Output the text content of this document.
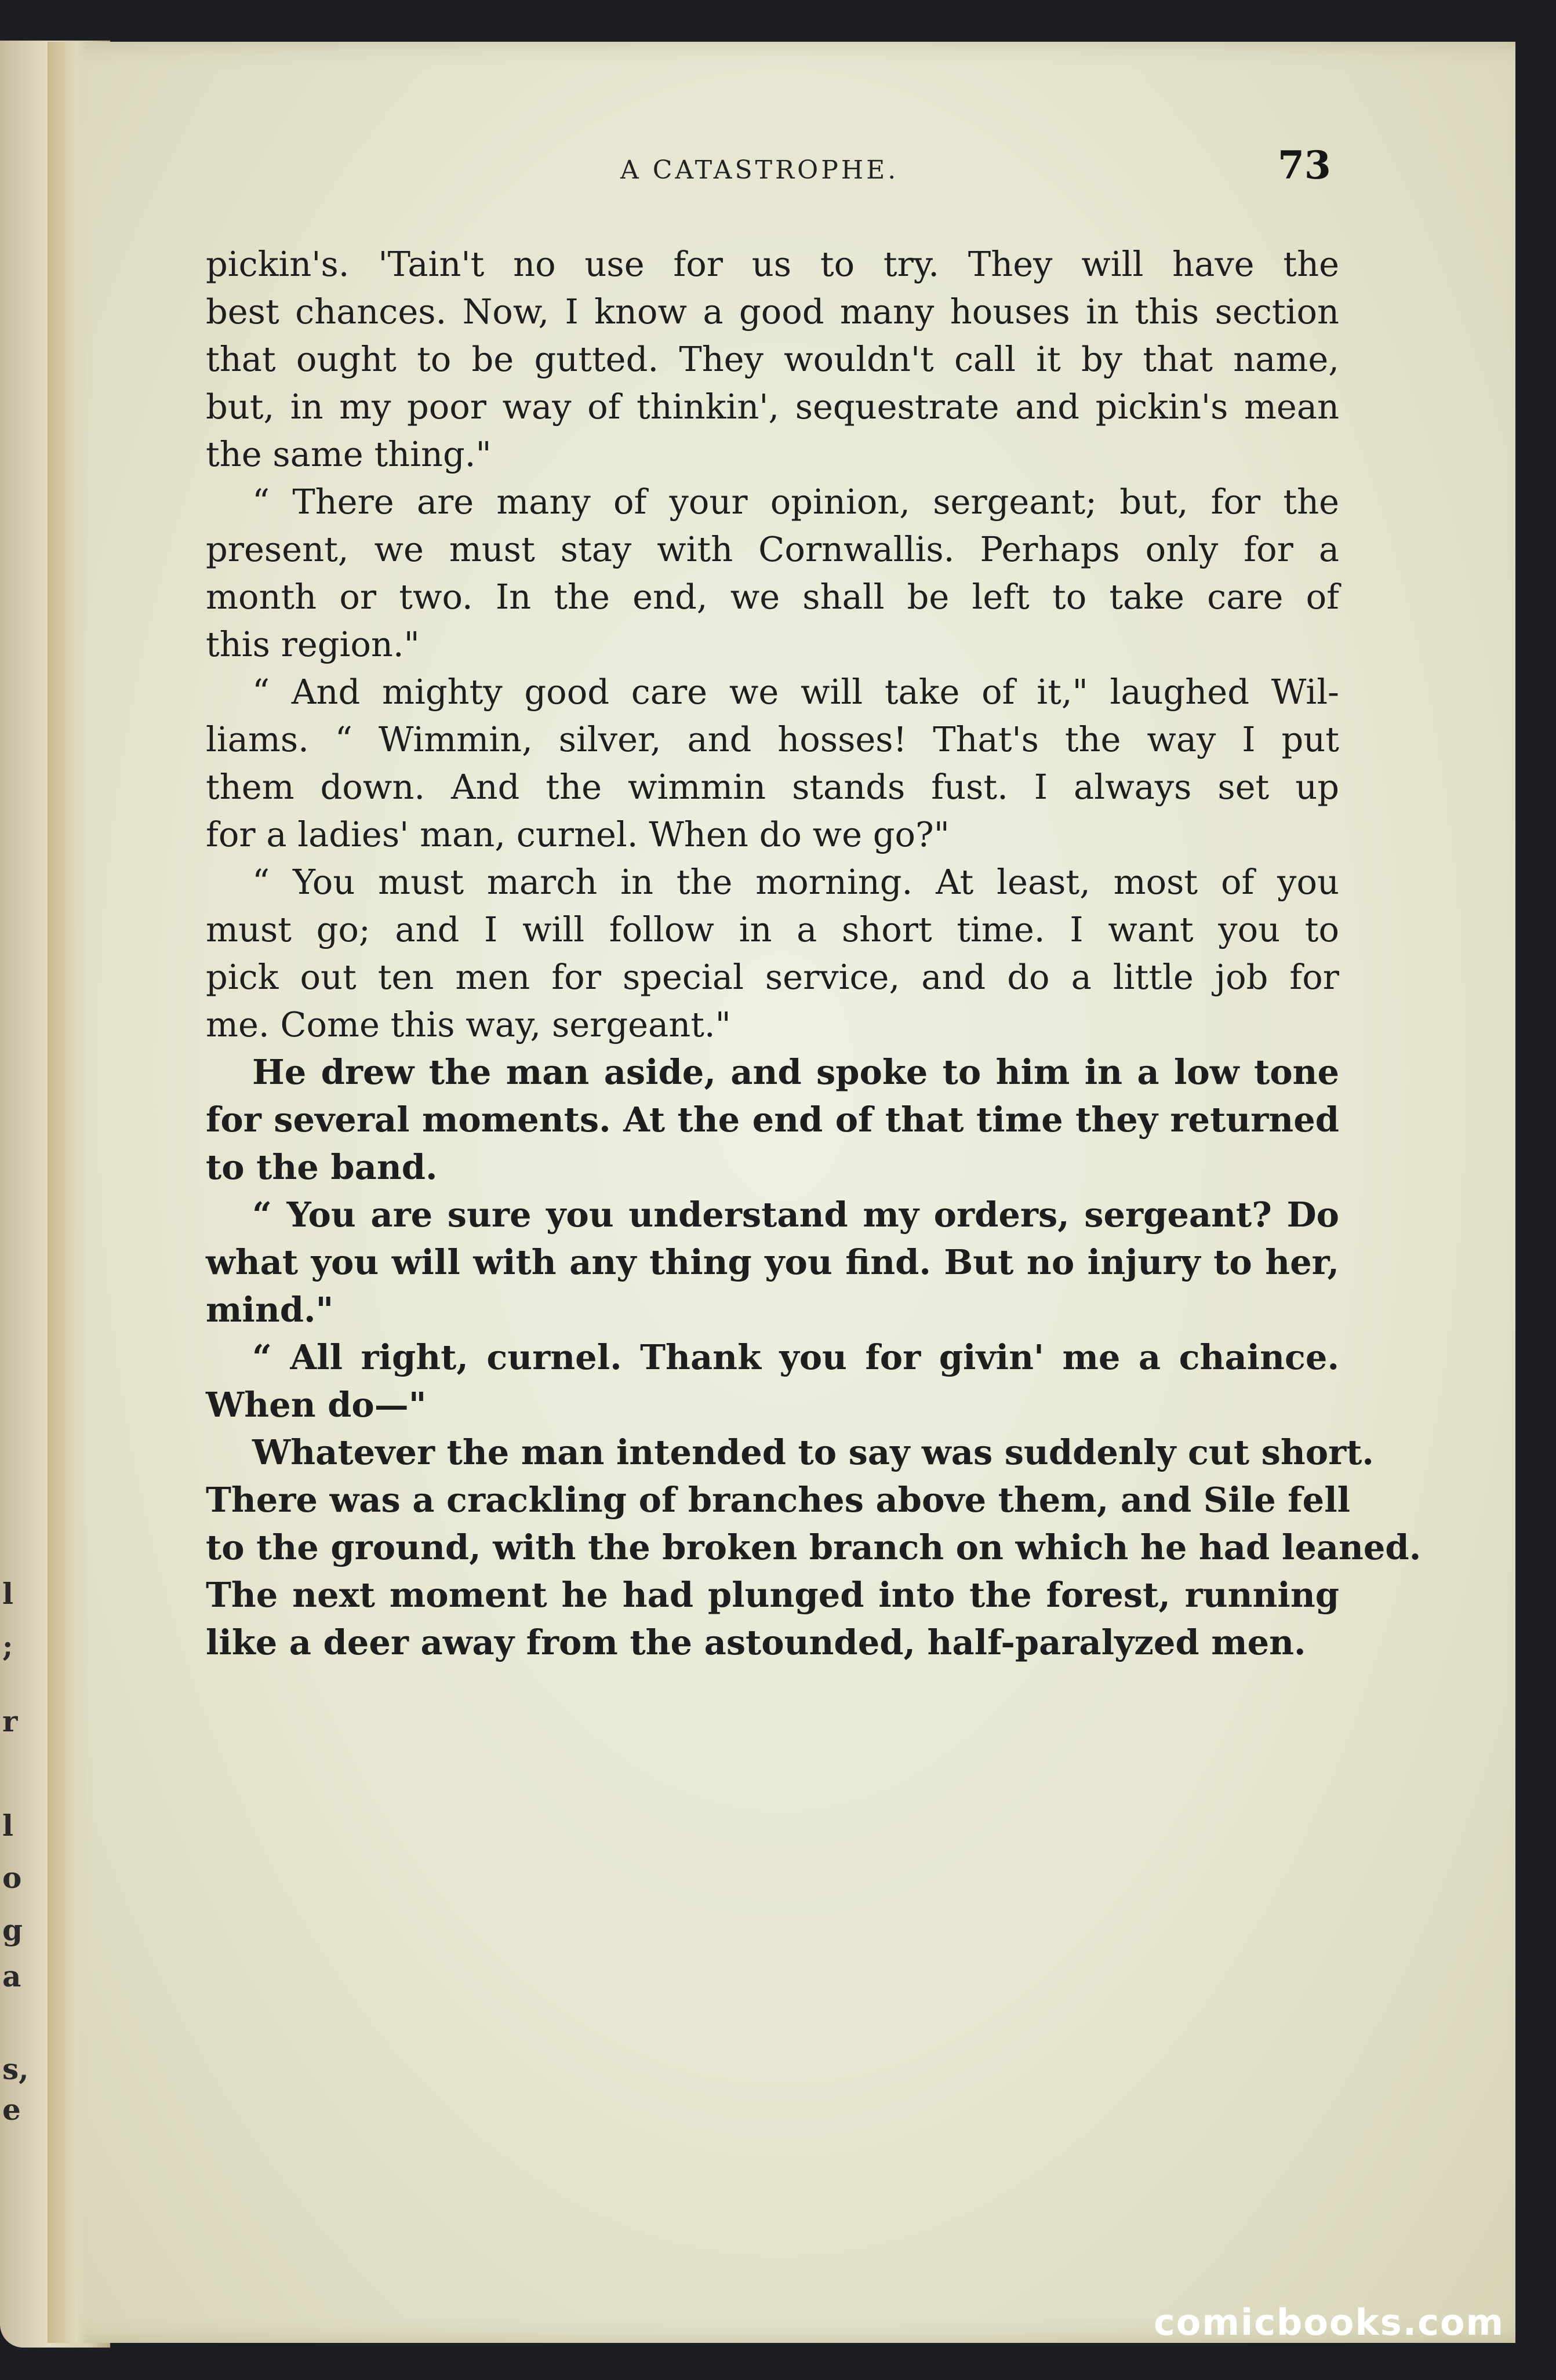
l
;
r
l
o
g
a
s,
e
A CATASTROPHE.	73
pickin's. 'Tain't no use for us to try. They will have the
best chances. Now, I know a good many houses in this section
that ought to be gutted. They wouldn't call it by that name,
but, in my poor way of thinkin', sequestrate and pickin's mean
the same thing."
“ There are many of your opinion, sergeant; but, for the
present, we must stay with Cornwallis. Perhaps only for a
month or two. In the end, we shall be left to take care of
this region."
“ And mighty good care we will take of it," laughed Wil-
liams. “ Wimmin, silver, and hosses! That's the way I put
them down. And the wimmin stands fust. I always set up
for a ladies' man, curnel. When do we go?"
“ You must march in the morning. At least, most of you
must go; and I will follow in a short time. I want you to
pick out ten men for special service, and do a little job for
me. Come this way, sergeant."
He drew the man aside, and spoke to him in a low tone
for several moments. At the end of that time they returned
to the band.
“ You are sure you understand my orders, sergeant? Do
what you will with any thing you find. But no injury to her,
mind."
“ All right, curnel. Thank you for givin' me a chaince.
When do—"
Whatever the man intended to say was suddenly cut short.
There was a crackling of branches above them, and Sile fell
to the ground, with the broken branch on which he had leaned.
The next moment he had plunged into the forest, running
like a deer away from the astounded, half-paralyzed men.
comicbooks.com
